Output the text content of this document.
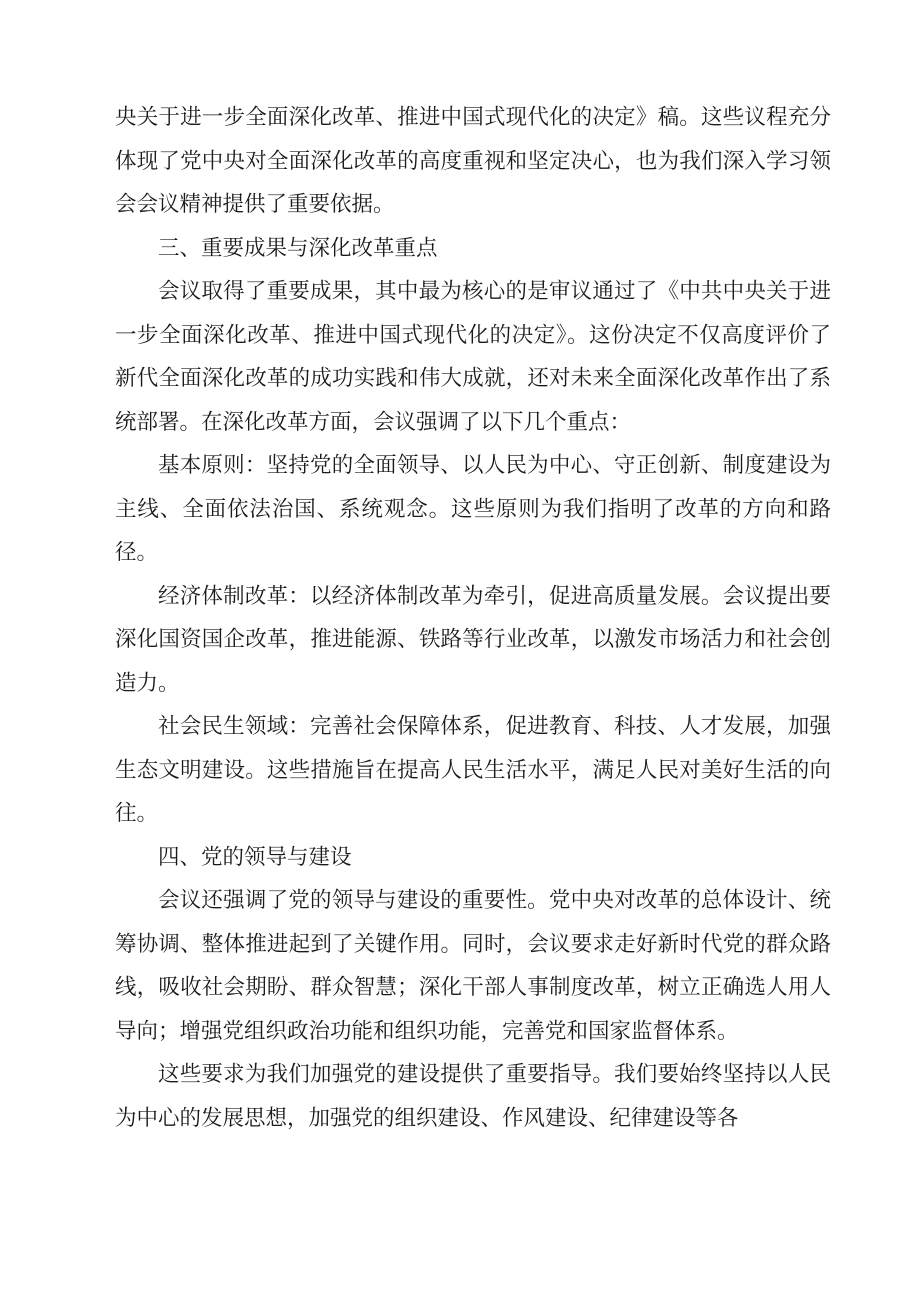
央关于进一步全面深化改革、推进中国式现代化的决定》稿。这些议程充分体现了党中央对全面深化改革的高度重视和坚定决心，也为我们深入学习领会会议精神提供了重要依据。

三、重要成果与深化改革重点

会议取得了重要成果，其中最为核心的是审议通过了《中共中央关于进一步全面深化改革、推进中国式现代化的决定》。这份决定不仅高度评价了新代全面深化改革的成功实践和伟大成就，还对未来全面深化改革作出了系统部署。在深化改革方面，会议强调了以下几个重点：

基本原则：坚持党的全面领导、以人民为中心、守正创新、制度建设为主线、全面依法治国、系统观念。这些原则为我们指明了改革的方向和路径。

经济体制改革：以经济体制改革为牵引，促进高质量发展。会议提出要深化国资国企改革，推进能源、铁路等行业改革，以激发市场活力和社会创造力。

社会民生领域：完善社会保障体系，促进教育、科技、人才发展，加强生态文明建设。这些措施旨在提高人民生活水平，满足人民对美好生活的向往。

四、党的领导与建设

会议还强调了党的领导与建设的重要性。党中央对改革的总体设计、统筹协调、整体推进起到了关键作用。同时，会议要求走好新时代党的群众路线，吸收社会期盼、群众智慧；深化干部人事制度改革，树立正确选人用人导向；增强党组织政治功能和组织功能，完善党和国家监督体系。

这些要求为我们加强党的建设提供了重要指导。我们要始终坚持以人民为中心的发展思想，加强党的组织建设、作风建设、纪律建设等各
